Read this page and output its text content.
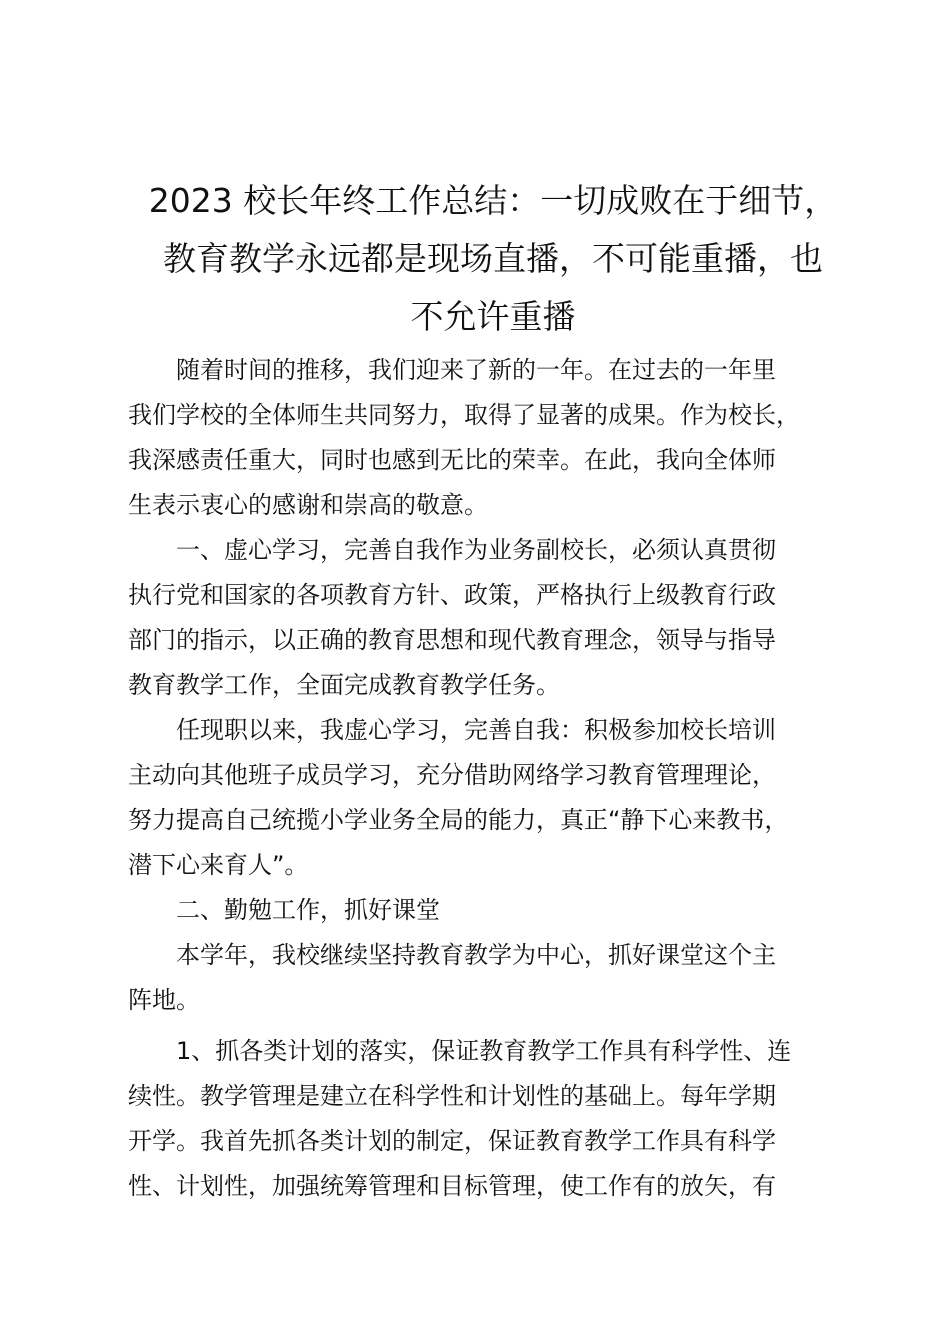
2023 校长年终工作总结：一切成败在于细节，
教育教学永远都是现场直播，不可能重播，也
不允许重播
随着时间的推移，我们迎来了新的一年。在过去的一年里
我们学校的全体师生共同努力，取得了显著的成果。作为校长，
我深感责任重大，同时也感到无比的荣幸。在此，我向全体师
生表示衷心的感谢和崇高的敬意。
一、虚心学习，完善自我作为业务副校长，必须认真贯彻
执行党和国家的各项教育方针、政策，严格执行上级教育行政
部门的指示，以正确的教育思想和现代教育理念，领导与指导
教育教学工作，全面完成教育教学任务。
任现职以来，我虚心学习，完善自我：积极参加校长培训
主动向其他班子成员学习，充分借助网络学习教育管理理论，
努力提高自己统揽小学业务全局的能力，真正“静下心来教书，
潜下心来育人”。
二、勤勉工作，抓好课堂
本学年，我校继续坚持教育教学为中心，抓好课堂这个主
阵地。
1、抓各类计划的落实，保证教育教学工作具有科学性、连
续性。教学管理是建立在科学性和计划性的基础上。每年学期
开学。我首先抓各类计划的制定，保证教育教学工作具有科学
性、计划性，加强统筹管理和目标管理，使工作有的放矢，有
